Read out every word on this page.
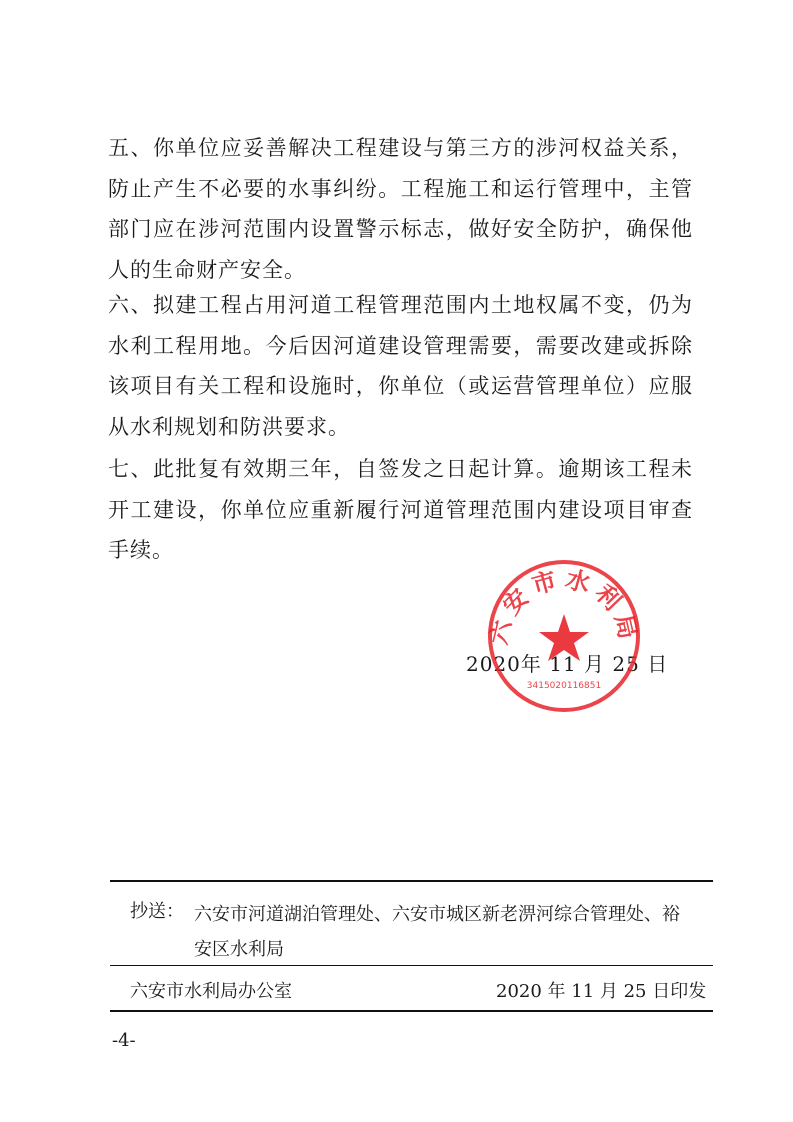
五、你单位应妥善解决工程建设与第三方的涉河权益关系，防止产生不必要的水事纠纷。工程施工和运行管理中，主管部门应在涉河范围内设置警示标志，做好安全防护，确保他人的生命财产安全。

六、拟建工程占用河道工程管理范围内土地权属不变，仍为水利工程用地。今后因河道建设管理需要，需要改建或拆除该项目有关工程和设施时，你单位（或运营管理单位）应服从水利规划和防洪要求。

七、此批复有效期三年，自签发之日起计算。逾期该工程未开工建设，你单位应重新履行河道管理范围内建设项目审查手续。

2020年 11 月 25 日
六安市水利局
3415020116851
抄送： 六安市河道湖泊管理处、六安市城区新老淠河综合管理处、裕安区水利局
六安市水利局办公室	2020 年 11 月 25 日印发
-4-
